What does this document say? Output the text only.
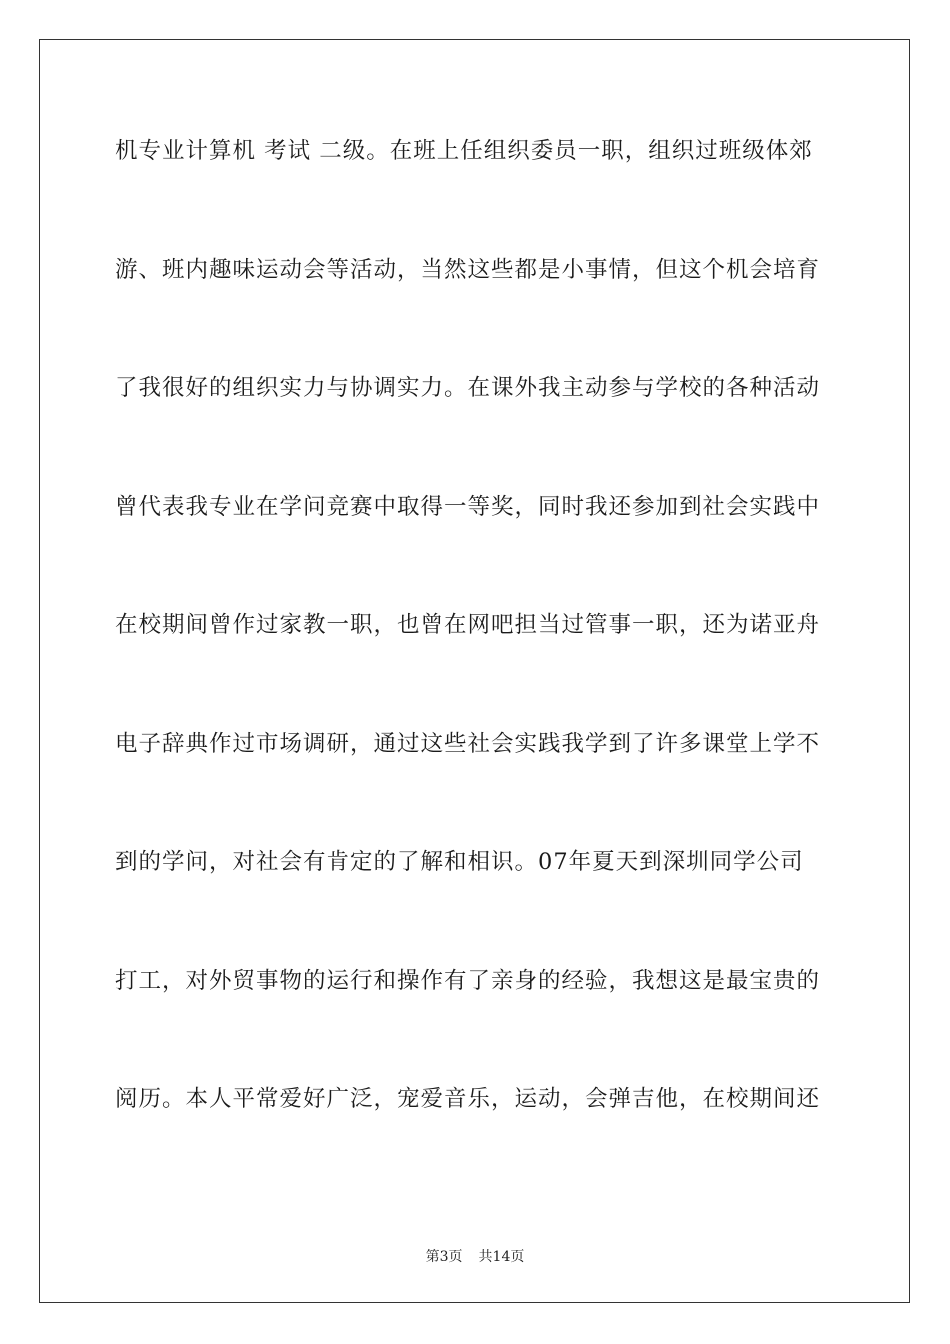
机专业计算机 考试 二级。在班上任组织委员一职，组织过班级体郊
游、班内趣味运动会等活动，当然这些都是小事情，但这个机会培育
了我很好的组织实力与协调实力。在课外我主动参与学校的各种活动
曾代表我专业在学问竞赛中取得一等奖，同时我还参加到社会实践中
在校期间曾作过家教一职，也曾在网吧担当过管事一职，还为诺亚舟
电子辞典作过市场调研，通过这些社会实践我学到了许多课堂上学不
到的学问，对社会有肯定的了解和相识。07年夏天到深圳同学公司
打工，对外贸事物的运行和操作有了亲身的经验，我想这是最宝贵的
阅历。本人平常爱好广泛，宠爱音乐，运动，会弹吉他，在校期间还
第3页 共14页
